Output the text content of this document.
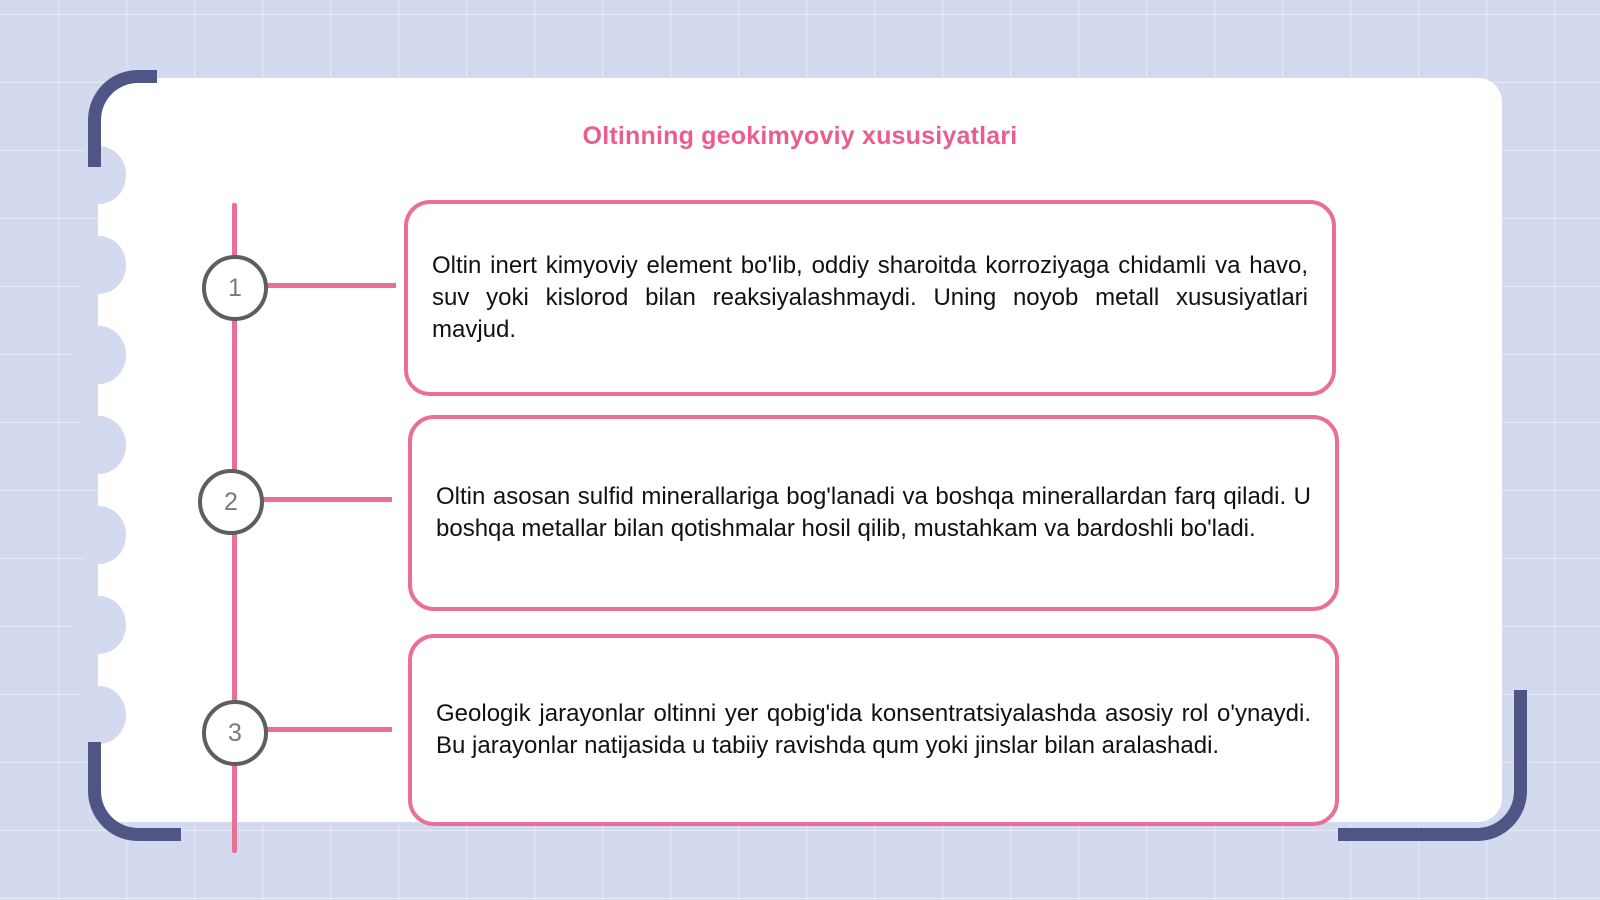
Oltinning geokimyoviy xususiyatlari
1

Oltin inert kimyoviy element bo'lib, oddiy sharoitda korroziyaga chidamli va havo, suv yoki kislorod bilan reaksiyalashmaydi. Uning noyob metall xususiyatlari mavjud.

2	Oltin asosan sulfid minerallariga bog'lanadi va boshqa minerallardan farq qiladi. U boshqa metallar bilan qotishmalar hosil qilib, mustahkam va bardoshli bo'ladi.

3

Geologik jarayonlar oltinni yer qobig'ida konsentratsiyalashda asosiy rol o'ynaydi. Bu jarayonlar natijasida u tabiiy ravishda qum yoki jinslar bilan aralashadi.
